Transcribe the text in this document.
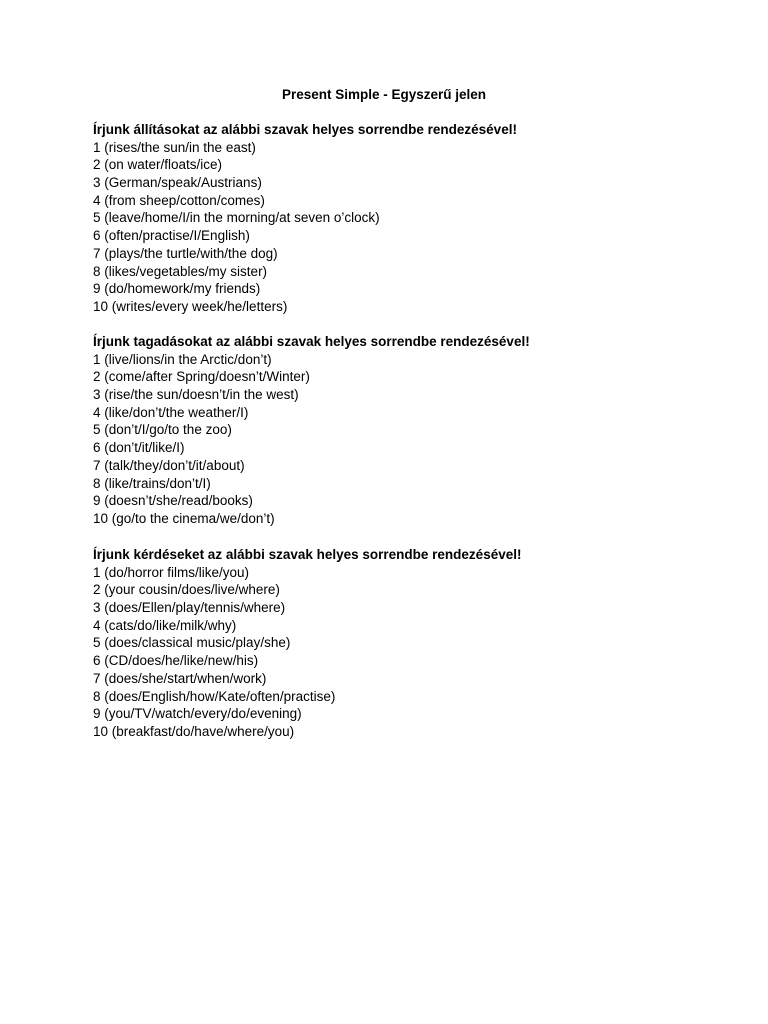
Present Simple - Egyszerű jelen
Írjunk állításokat az alábbi szavak helyes sorrendbe rendezésével!
1 (rises/the sun/in the east)
2 (on water/floats/ice)
3 (German/speak/Austrians)
4 (from sheep/cotton/comes)
5 (leave/home/I/in the morning/at seven o’clock)
6 (often/practise/I/English)
7 (plays/the turtle/with/the dog)
8 (likes/vegetables/my sister)
9 (do/homework/my friends)
10 (writes/every week/he/letters)
Írjunk tagadásokat az alábbi szavak helyes sorrendbe rendezésével!
1 (live/lions/in the Arctic/don’t)
2 (come/after Spring/doesn’t/Winter)
3 (rise/the sun/doesn’t/in the west)
4 (like/don’t/the weather/I)
5 (don’t/I/go/to the zoo)
6 (don’t/it/like/I)
7 (talk/they/don’t/it/about)
8 (like/trains/don’t/I)
9 (doesn’t/she/read/books)
10 (go/to the cinema/we/don’t)
Írjunk kérdéseket az alábbi szavak helyes sorrendbe rendezésével!
1 (do/horror films/like/you)
2 (your cousin/does/live/where)
3 (does/Ellen/play/tennis/where)
4 (cats/do/like/milk/why)
5 (does/classical music/play/she)
6 (CD/does/he/like/new/his)
7 (does/she/start/when/work)
8 (does/English/how/Kate/often/practise)
9 (you/TV/watch/every/do/evening)
10 (breakfast/do/have/where/you)
